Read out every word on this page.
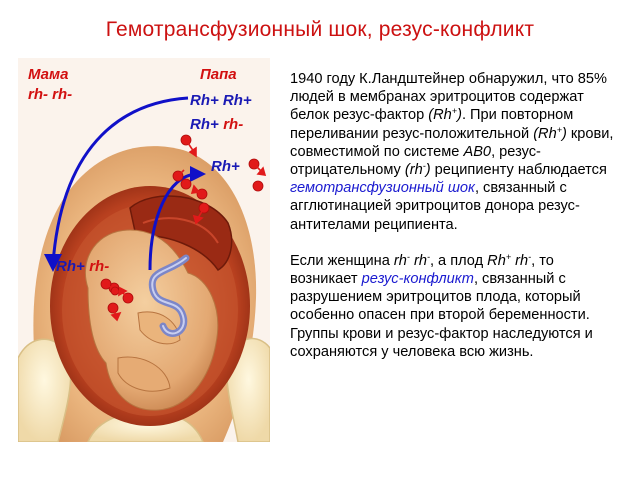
Гемотрансфузионный шок, резус-конфликт
Мама
rh- rh-
Папа
Rh+ Rh+
Rh+ rh-
Rh+
Rh+ rh-

1940 году К.Ландштейнер обнаружил, что 85% людей в мембранах эритроцитов содержат белок резус-фактор (Rh+). При повторном переливании резус-положительной (Rh+) крови, совместимой по системе AB0, резус-отрицательному (rh-) реципиенту наблюдается гемотрансфузионный шок, связанный с агглютинацией эритроцитов донора резус-антителами реципиента.

Если женщина rh- rh-, а плод Rh+ rh-, то возникает резус-конфликт, связанный с разрушением эритроцитов плода, который особенно опасен при второй беременности. Группы крови и резус-фактор наследуются и сохраняются у человека всю жизнь.
